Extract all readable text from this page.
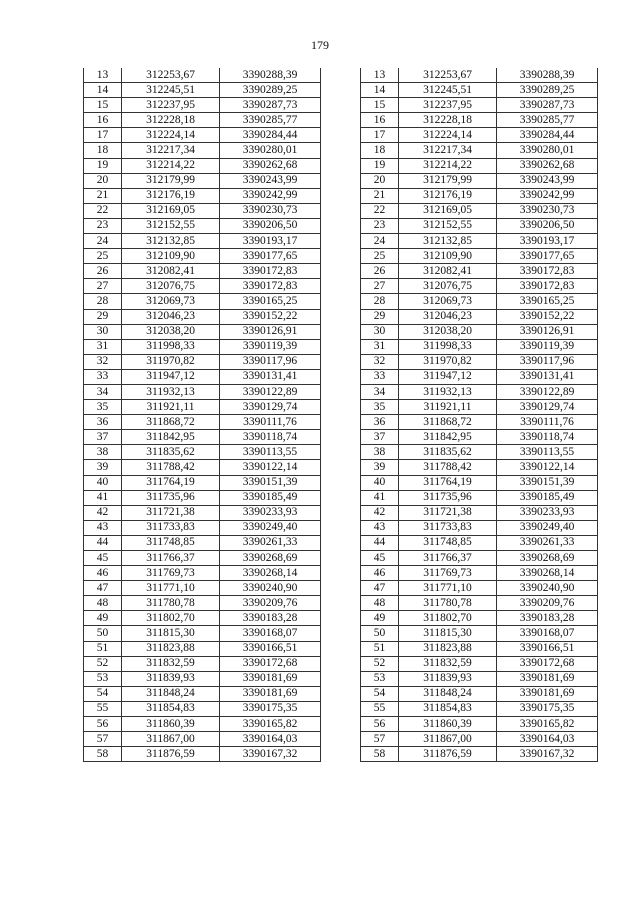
179
13	312253,67	3390288,39
14	312245,51	3390289,25
15	312237,95	3390287,73
16	312228,18	3390285,77
17	312224,14	3390284,44
18	312217,34	3390280,01
19	312214,22	3390262,68
20	312179,99	3390243,99
21	312176,19	3390242,99
22	312169,05	3390230,73
23	312152,55	3390206,50
24	312132,85	3390193,17
25	312109,90	3390177,65
26	312082,41	3390172,83
27	312076,75	3390172,83
28	312069,73	3390165,25
29	312046,23	3390152,22
30	312038,20	3390126,91
31	311998,33	3390119,39
32	311970,82	3390117,96
33	311947,12	3390131,41
34	311932,13	3390122,89
35	311921,11	3390129,74
36	311868,72	3390111,76
37	311842,95	3390118,74
38	311835,62	3390113,55
39	311788,42	3390122,14
40	311764,19	3390151,39
41	311735,96	3390185,49
42	311721,38	3390233,93
43	311733,83	3390249,40
44	311748,85	3390261,33
45	311766,37	3390268,69
46	311769,73	3390268,14
47	311771,10	3390240,90
48	311780,78	3390209,76
49	311802,70	3390183,28
50	311815,30	3390168,07
51	311823,88	3390166,51
52	311832,59	3390172,68
53	311839,93	3390181,69
54	311848,24	3390181,69
55	311854,83	3390175,35
56	311860,39	3390165,82
57	311867,00	3390164,03
58	311876,59	3390167,32
13	312253,67	3390288,39
14	312245,51	3390289,25
15	312237,95	3390287,73
16	312228,18	3390285,77
17	312224,14	3390284,44
18	312217,34	3390280,01
19	312214,22	3390262,68
20	312179,99	3390243,99
21	312176,19	3390242,99
22	312169,05	3390230,73
23	312152,55	3390206,50
24	312132,85	3390193,17
25	312109,90	3390177,65
26	312082,41	3390172,83
27	312076,75	3390172,83
28	312069,73	3390165,25
29	312046,23	3390152,22
30	312038,20	3390126,91
31	311998,33	3390119,39
32	311970,82	3390117,96
33	311947,12	3390131,41
34	311932,13	3390122,89
35	311921,11	3390129,74
36	311868,72	3390111,76
37	311842,95	3390118,74
38	311835,62	3390113,55
39	311788,42	3390122,14
40	311764,19	3390151,39
41	311735,96	3390185,49
42	311721,38	3390233,93
43	311733,83	3390249,40
44	311748,85	3390261,33
45	311766,37	3390268,69
46	311769,73	3390268,14
47	311771,10	3390240,90
48	311780,78	3390209,76
49	311802,70	3390183,28
50	311815,30	3390168,07
51	311823,88	3390166,51
52	311832,59	3390172,68
53	311839,93	3390181,69
54	311848,24	3390181,69
55	311854,83	3390175,35
56	311860,39	3390165,82
57	311867,00	3390164,03
58	311876,59	3390167,32
